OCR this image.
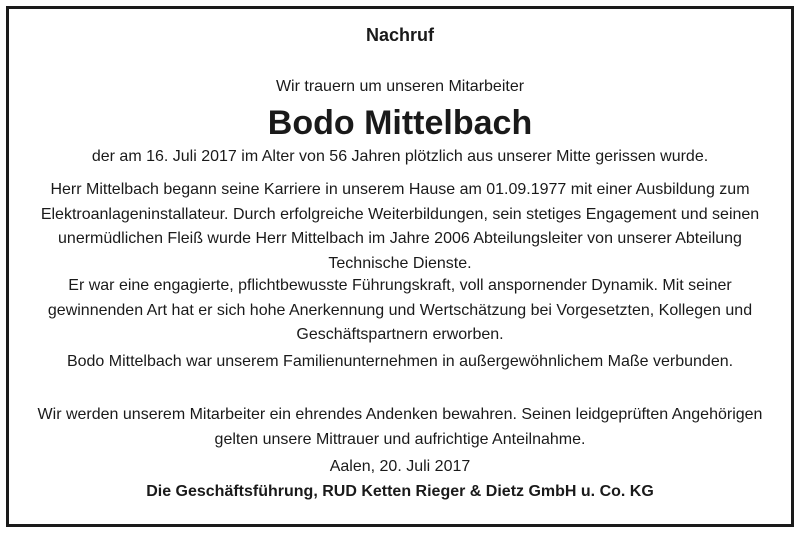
Nachruf
Wir trauern um unseren Mitarbeiter
Bodo Mittelbach
der am 16. Juli 2017 im Alter von 56 Jahren plötzlich aus unserer Mitte gerissen wurde.
Herr Mittelbach begann seine Karriere in unserem Hause am 01.09.1977 mit einer Ausbildung zum Elektroanlageninstallateur. Durch erfolgreiche Weiterbildungen, sein stetiges Engagement und seinen unermüdlichen Fleiß wurde Herr Mittelbach im Jahre 2006 Abteilungsleiter von unserer Abteilung Technische Dienste.
Er war eine engagierte, pflichtbewusste Führungskraft, voll anspornender Dynamik. Mit seiner gewinnenden Art hat er sich hohe Anerkennung und Wertschätzung bei Vorgesetzten, Kollegen und Geschäftspartnern erworben.
Bodo Mittelbach war unserem Familienunternehmen in außergewöhnlichem Maße verbunden.
Wir werden unserem Mitarbeiter ein ehrendes Andenken bewahren. Seinen leidgeprüften Angehörigen gelten unsere Mittrauer und aufrichtige Anteilnahme.
Aalen, 20. Juli 2017
Die Geschäftsführung, RUD Ketten Rieger & Dietz GmbH u. Co. KG
